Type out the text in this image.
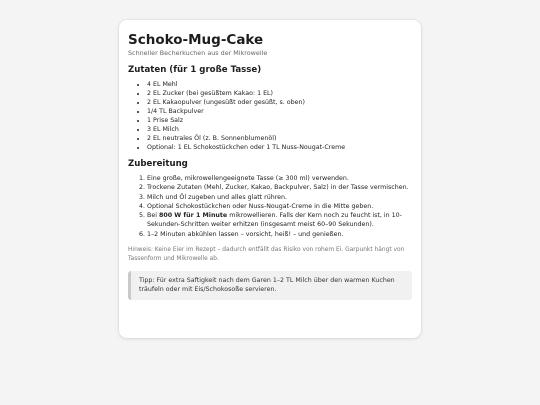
Schoko-Mug-Cake

Schneller Becherkuchen aus der Mikrowelle

Zutaten (für 1 große Tasse)
• 4 EL Mehl
• 2 EL Zucker (bei gesüßtem Kakao: 1 EL)
• 2 EL Kakaopulver (ungesüßt oder gesüßt, s. oben)
• 1/4 TL Backpulver
• 1 Prise Salz
• 3 EL Milch
• 2 EL neutrales Öl (z. B. Sonnenblumenöl)
• Optional: 1 EL Schokostückchen oder 1 TL Nuss-Nougat-Creme
Zubereitung
1. Eine große, mikrowellengeeignete Tasse (≥ 300 ml) verwenden.
2. Trockene Zutaten (Mehl, Zucker, Kakao, Backpulver, Salz) in der Tasse vermischen.
3. Milch und Öl zugeben und alles glatt rühren.
4. Optional Schokostückchen oder Nuss-Nougat-Creme in die Mitte geben.
5. Bei 800 W für 1 Minute mikrowellieren. Falls der Kern noch zu feucht ist, in 10-Sekunden-Schritten weiter erhitzen (insgesamt meist 60–90 Sekunden).
6. 1–2 Minuten abkühlen lassen – vorsicht, heiß! – und genießen.

Hinweis: Keine Eier im Rezept – dadurch entfällt das Risiko von rohem Ei. Garpunkt hängt von Tassenform und Mikrowelle ab.

Tipp: Für extra Saftigkeit nach dem Garen 1–2 TL Milch über den warmen Kuchen träufeln oder mit Eis/Schokosoße servieren.
